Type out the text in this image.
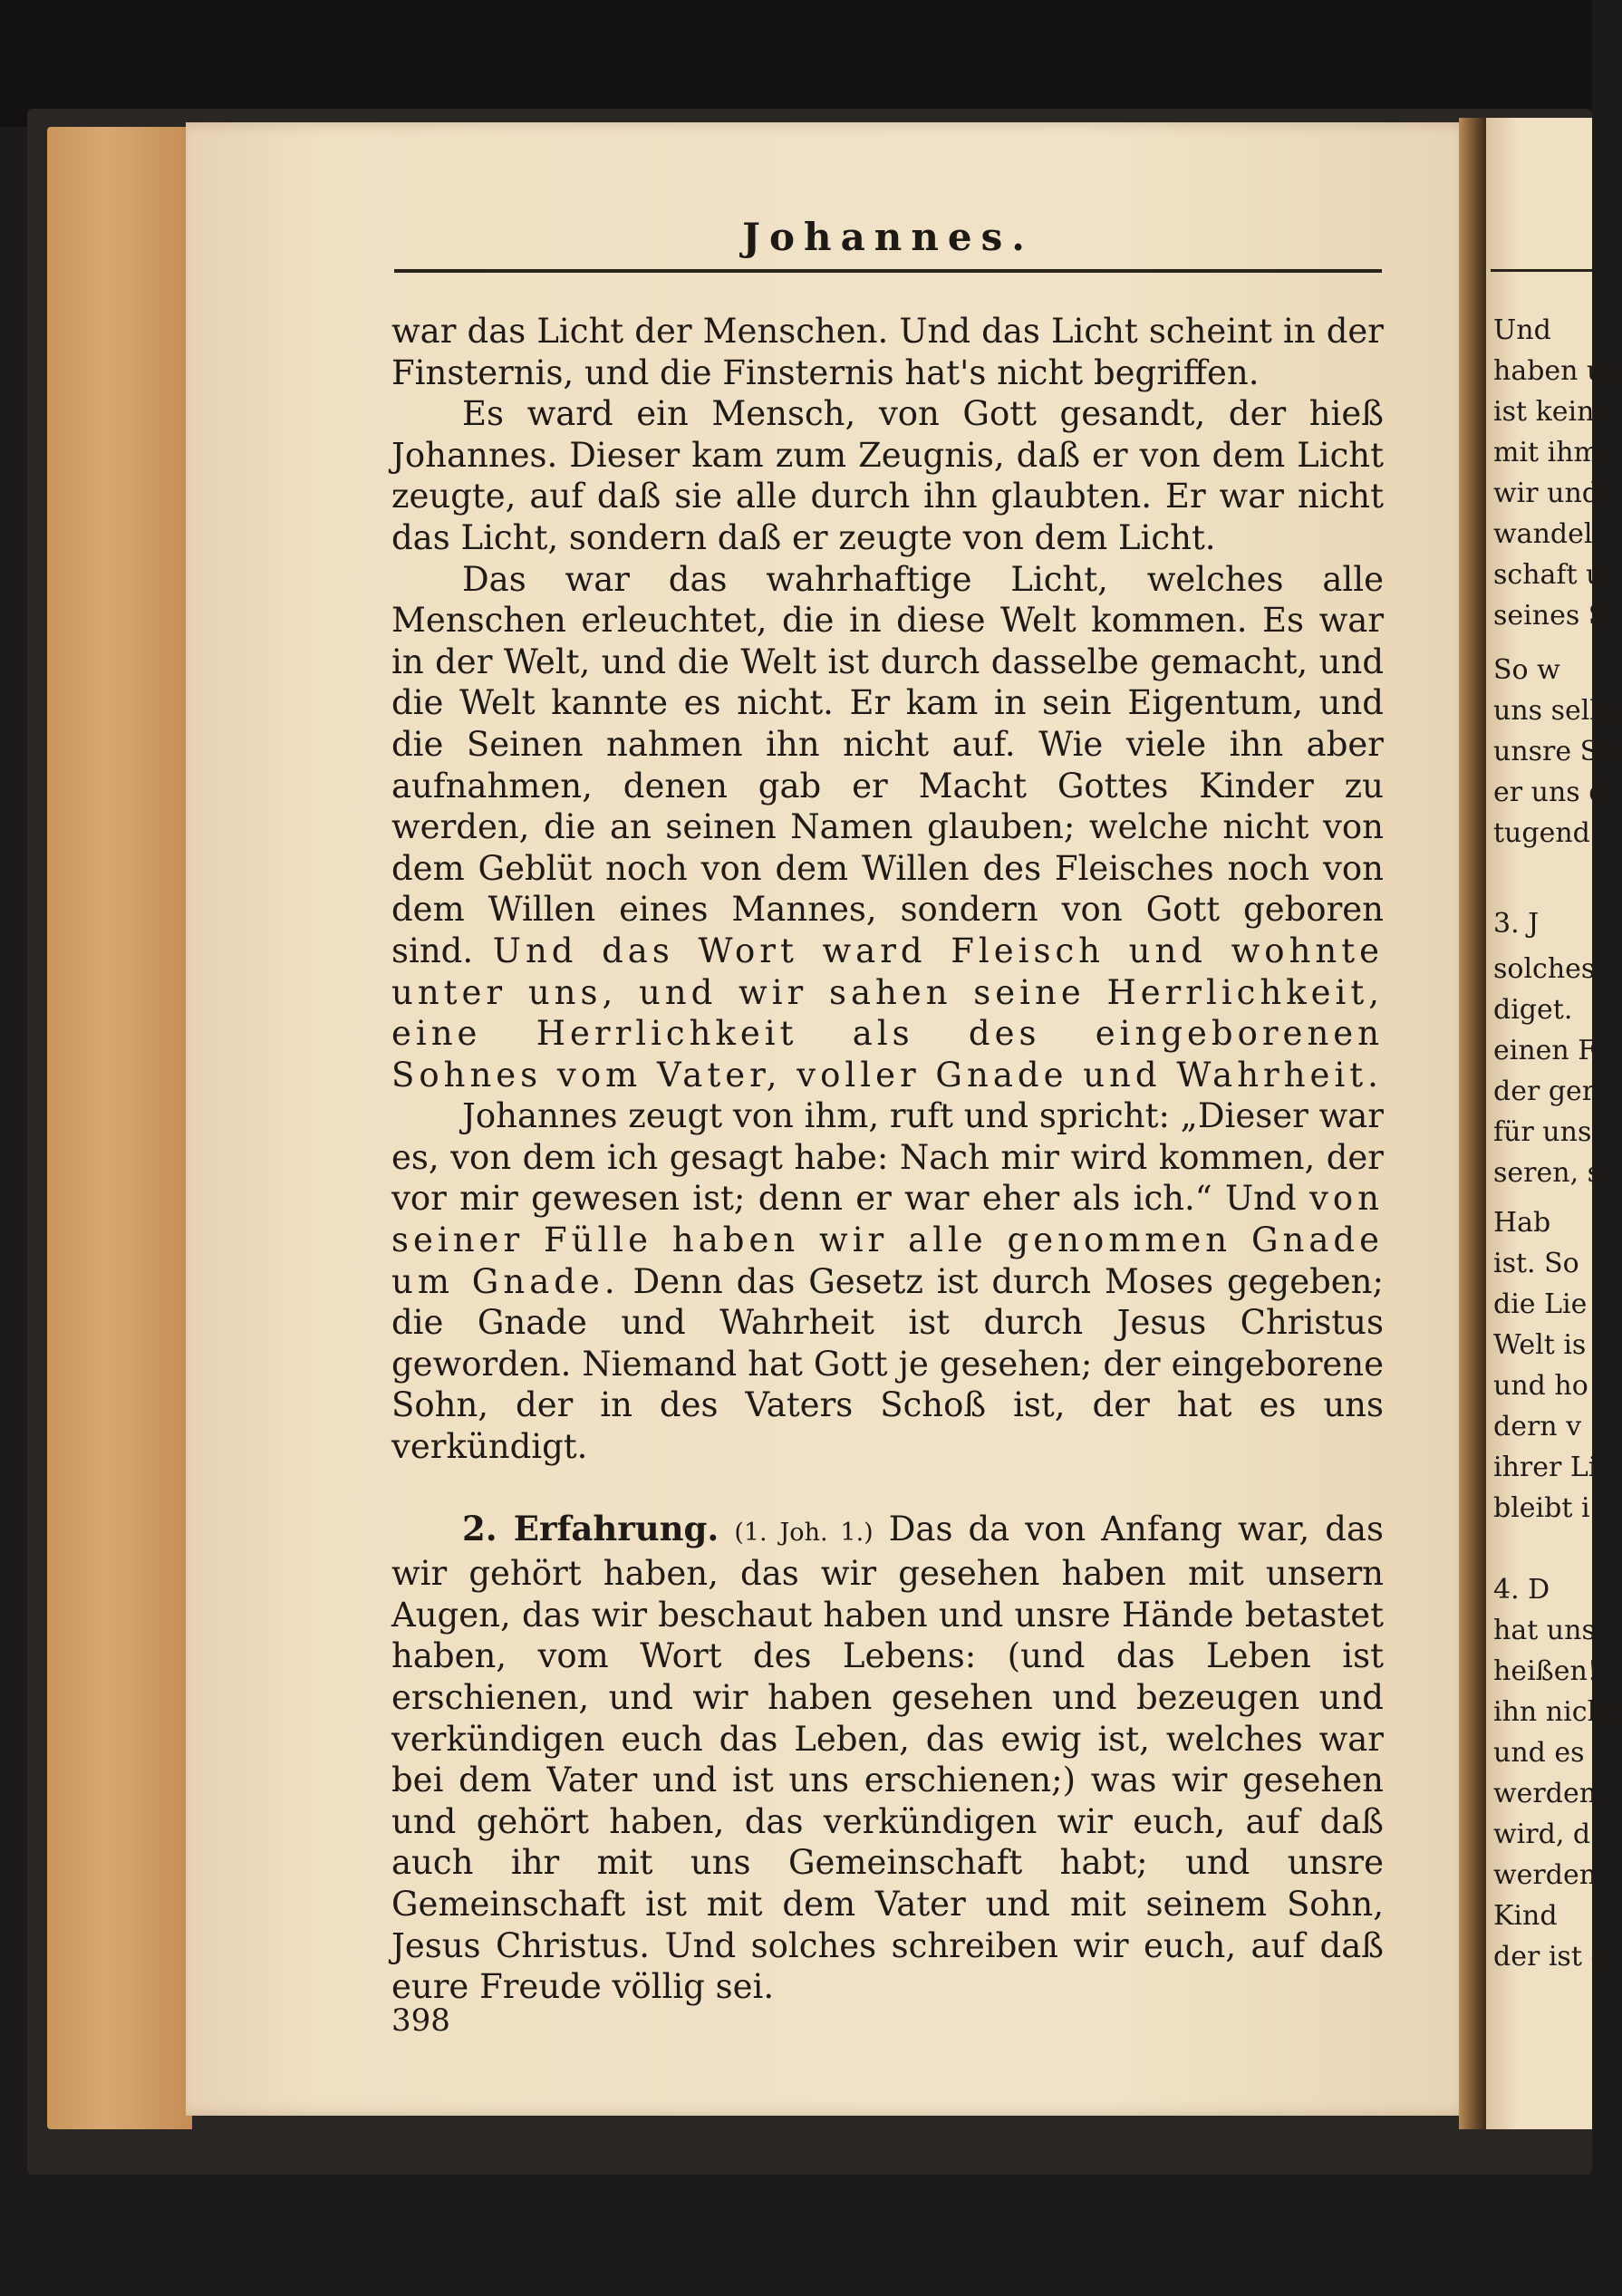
Johannes.

war das Licht der Menschen. Und das Licht scheint in der Finsternis, und die Finsternis hat's nicht begriffen.

Es ward ein Mensch, von Gott gesandt, der hieß Johannes. Dieser kam zum Zeugnis, daß er von dem Licht zeugte, auf daß sie alle durch ihn glaubten. Er war nicht das Licht, sondern daß er zeugte von dem Licht.

Das war das wahrhaftige Licht, welches alle Menschen erleuchtet, die in diese Welt kommen. Es war in der Welt, und die Welt ist durch dasselbe gemacht, und die Welt kannte es nicht. Er kam in sein Eigentum, und die Seinen nahmen ihn nicht auf. Wie viele ihn aber aufnahmen, denen gab er Macht Gottes Kinder zu werden, die an seinen Namen glauben; welche nicht von dem Geblüt noch von dem Willen des Fleisches noch von dem Willen eines Mannes, sondern von Gott geboren sind. Und das Wort ward Fleisch und wohnte unter uns, und wir sahen seine Herrlichkeit, eine Herrlichkeit als des eingeborenen Sohnes vom Vater, voller Gnade und Wahrheit.

Johannes zeugt von ihm, ruft und spricht: „Dieser war es, von dem ich gesagt habe: Nach mir wird kommen, der vor mir gewesen ist; denn er war eher als ich.“ Und von seiner Fülle haben wir alle genommen Gnade um Gnade. Denn das Gesetz ist durch Moses gegeben; die Gnade und Wahrheit ist durch Jesus Christus geworden. Niemand hat Gott je gesehen; der eingeborene Sohn, der in des Vaters Schoß ist, der hat es uns verkündigt.

2. Erfahrung. (1. Joh. 1.) Das da von Anfang war, das wir gehört haben, das wir gesehen haben mit unsern Augen, das wir beschaut haben und unsre Hände betastet haben, vom Wort des Lebens: (und das Leben ist erschienen, und wir haben gesehen und bezeugen und verkündigen euch das Leben, das ewig ist, welches war bei dem Vater und ist uns erschienen;) was wir gesehen und gehört haben, das verkündigen wir euch, auf daß auch ihr mit uns Gemeinschaft habt; und unsre Gemeinschaft ist mit dem Vater und mit seinem Sohn, Jesus Christus. Und solches schreiben wir euch, auf daß eure Freude völlig sei.

398
Und
haben un
ist keine
mit ihm
wir und
wandel
schaft u
seines S
So w
uns selbs
unsre Sü
er uns d
tugend.
3. J
solches
diget.
einen F
der ger
für uns
seren, s
Hab
ist. So
die Lie
Welt is
und ho
dern v
ihrer Li
bleibt i
4. D
hat uns
heißen!
ihn nicht
und es
werden.
wird, d
werden
Kind
der ist g
